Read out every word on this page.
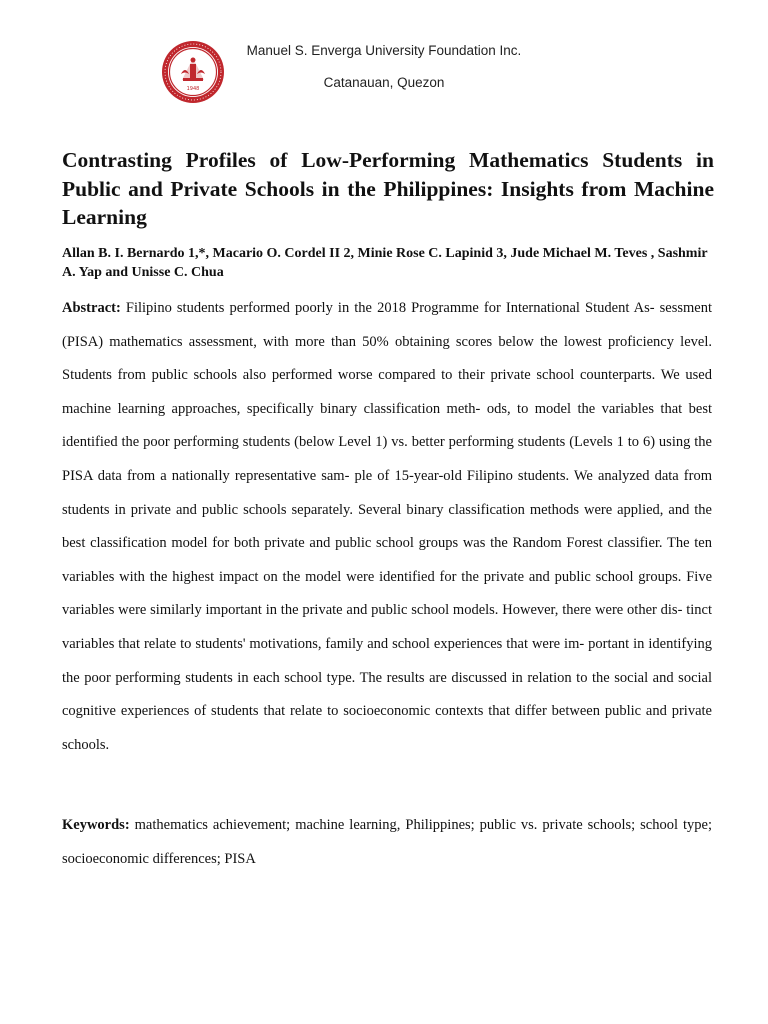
1948
Manuel S. Enverga University Foundation Inc.
Catanauan, Quezon
Contrasting Profiles of Low-Performing Mathematics Students in Public and Private Schools in the Philippines: Insights from Machine Learning
Allan B. I. Bernardo 1,*, Macario O. Cordel II 2, Minie Rose C. Lapinid 3, Jude Michael M. Teves , Sashmir A. Yap and Unisse C. Chua

Abstract: Filipino students performed poorly in the 2018 Programme for International Student As- sessment (PISA) mathematics assessment, with more than 50% obtaining scores below the lowest proficiency level. Students from public schools also performed worse compared to their private school counterparts. We used machine learning approaches, specifically binary classification meth- ods, to model the variables that best identified the poor performing students (below Level 1) vs. better performing students (Levels 1 to 6) using the PISA data from a nationally representative sam- ple of 15-year-old Filipino students. We analyzed data from students in private and public schools separately. Several binary classification methods were applied, and the best classification model for both private and public school groups was the Random Forest classifier. The ten variables with the highest impact on the model were identified for the private and public school groups. Five variables were similarly important in the private and public school models. However, there were other dis- tinct variables that relate to students' motivations, family and school experiences that were im- portant in identifying the poor performing students in each school type. The results are discussed in relation to the social and social cognitive experiences of students that relate to socioeconomic contexts that differ between public and private schools.

Keywords: mathematics achievement; machine learning, Philippines; public vs. private schools; school type; socioeconomic differences; PISA
